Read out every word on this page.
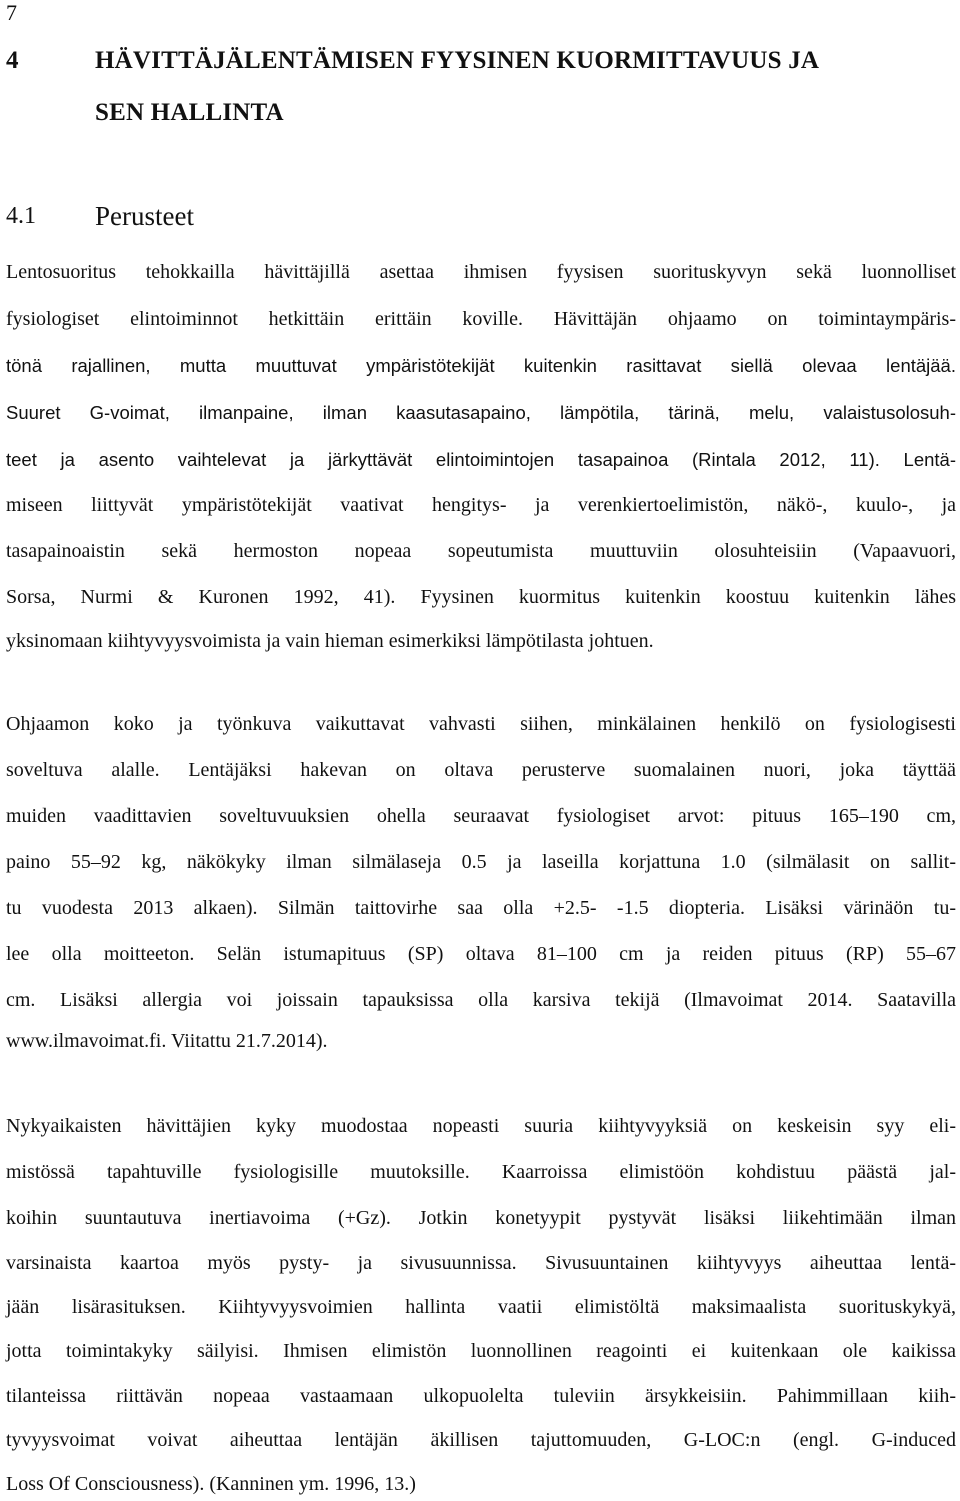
7
4	HÄVITTÄJÄLENTÄMISEN FYYSINEN KUORMITTAVUUS JA
SEN HALLINTA
4.1 Perusteet
Lentosuoritus tehokkailla hävittäjillä asettaa ihmisen fyysisen suorituskyvyn sekä luonnolliset
fysiologiset elintoiminnot hetkittäin erittäin koville. Hävittäjän ohjaamo on toimintaympäris-
tönä rajallinen, mutta muuttuvat ympäristötekijät kuitenkin rasittavat siellä olevaa lentäjää.
Suuret G-voimat, ilmanpaine, ilman kaasutasapaino, lämpötila, tärinä, melu, valaistusolosuh-
teet ja asento vaihtelevat ja järkyttävät elintoimintojen tasapainoa (Rintala 2012, 11). Lentä-
miseen liittyvät ympäristötekijät vaativat hengitys- ja verenkiertoelimistön, näkö-, kuulo-, ja
tasapainoaistin sekä hermoston nopeaa sopeutumista muuttuviin olosuhteisiin (Vapaavuori,
Sorsa, Nurmi & Kuronen 1992, 41). Fyysinen kuormitus kuitenkin koostuu kuitenkin lähes
yksinomaan kiihtyvyysvoimista ja vain hieman esimerkiksi lämpötilasta johtuen.
Ohjaamon koko ja työnkuva vaikuttavat vahvasti siihen, minkälainen henkilö on fysiologisesti
soveltuva alalle. Lentäjäksi hakevan on oltava perusterve suomalainen nuori, joka täyttää
muiden vaadittavien soveltuvuuksien ohella seuraavat fysiologiset arvot: pituus 165–190 cm,
paino 55–92 kg, näkökyky ilman silmälaseja 0.5 ja laseilla korjattuna 1.0 (silmälasit on sallit-
tu vuodesta 2013 alkaen). Silmän taittovirhe saa olla +2.5- -1.5 diopteria. Lisäksi värinäön tu-
lee olla moitteeton. Selän istumapituus (SP) oltava 81–100 cm ja reiden pituus (RP) 55–67
cm. Lisäksi allergia voi joissain tapauksissa olla karsiva tekijä (Ilmavoimat 2014. Saatavilla
www.ilmavoimat.fi. Viitattu 21.7.2014).
Nykyaikaisten hävittäjien kyky muodostaa nopeasti suuria kiihtyvyyksiä on keskeisin syy eli-
mistössä tapahtuville fysiologisille muutoksille. Kaarroissa elimistöön kohdistuu päästä jal-
koihin suuntautuva inertiavoima (+Gz). Jotkin konetyypit pystyvät lisäksi liikehtimään ilman
varsinaista kaartoa myös pysty- ja sivusuunnissa. Sivusuuntainen kiihtyvyys aiheuttaa lentä-
jään lisärasituksen. Kiihtyvyysvoimien hallinta vaatii elimistöltä maksimaalista suorituskykyä,
jotta toimintakyky säilyisi. Ihmisen elimistön luonnollinen reagointi ei kuitenkaan ole kaikissa
tilanteissa riittävän nopeaa vastaamaan ulkopuolelta tuleviin ärsykkeisiin. Pahimmillaan kiih-
tyvyysvoimat voivat aiheuttaa lentäjän äkillisen tajuttomuuden, G-LOC:n (engl. G-induced
Loss Of Consciousness). (Kanninen ym. 1996, 13.)
